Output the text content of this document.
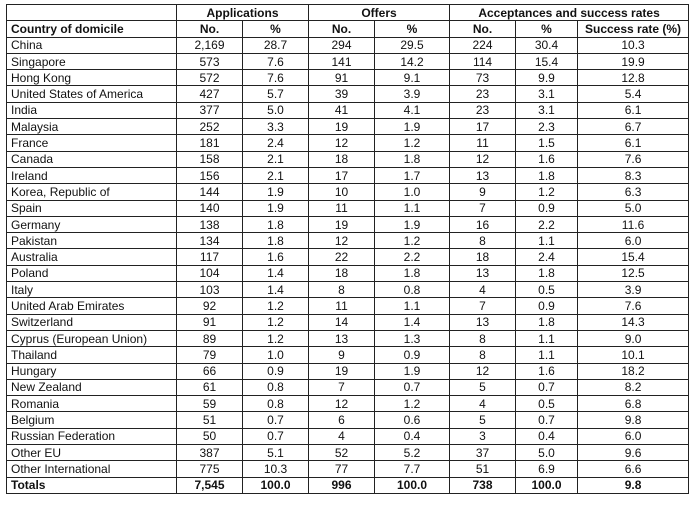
	Applications		Offers		Acceptances and success rates		
Country of domicile	No.	%	No.	%	No.	%	Success rate (%)
China	2,169	28.7	294	29.5	224	30.4	10.3
Singapore	573	7.6	141	14.2	114	15.4	19.9
Hong Kong	572	7.6	91	9.1	73	9.9	12.8
United States of America	427	5.7	39	3.9	23	3.1	5.4
India	377	5.0	41	4.1	23	3.1	6.1
Malaysia	252	3.3	19	1.9	17	2.3	6.7
France	181	2.4	12	1.2	11	1.5	6.1
Canada	158	2.1	18	1.8	12	1.6	7.6
Ireland	156	2.1	17	1.7	13	1.8	8.3
Korea, Republic of	144	1.9	10	1.0	9	1.2	6.3
Spain	140	1.9	11	1.1	7	0.9	5.0
Germany	138	1.8	19	1.9	16	2.2	11.6
Pakistan	134	1.8	12	1.2	8	1.1	6.0
Australia	117	1.6	22	2.2	18	2.4	15.4
Poland	104	1.4	18	1.8	13	1.8	12.5
Italy	103	1.4	8	0.8	4	0.5	3.9
United Arab Emirates	92	1.2	11	1.1	7	0.9	7.6
Switzerland	91	1.2	14	1.4	13	1.8	14.3
Cyprus (European Union)	89	1.2	13	1.3	8	1.1	9.0
Thailand	79	1.0	9	0.9	8	1.1	10.1
Hungary	66	0.9	19	1.9	12	1.6	18.2
New Zealand	61	0.8	7	0.7	5	0.7	8.2
Romania	59	0.8	12	1.2	4	0.5	6.8
Belgium	51	0.7	6	0.6	5	0.7	9.8
Russian Federation	50	0.7	4	0.4	3	0.4	6.0
Other EU	387	5.1	52	5.2	37	5.0	9.6
Other International	775	10.3	77	7.7	51	6.9	6.6
Totals	7,545	100.0	996	100.0	738	100.0	9.8
